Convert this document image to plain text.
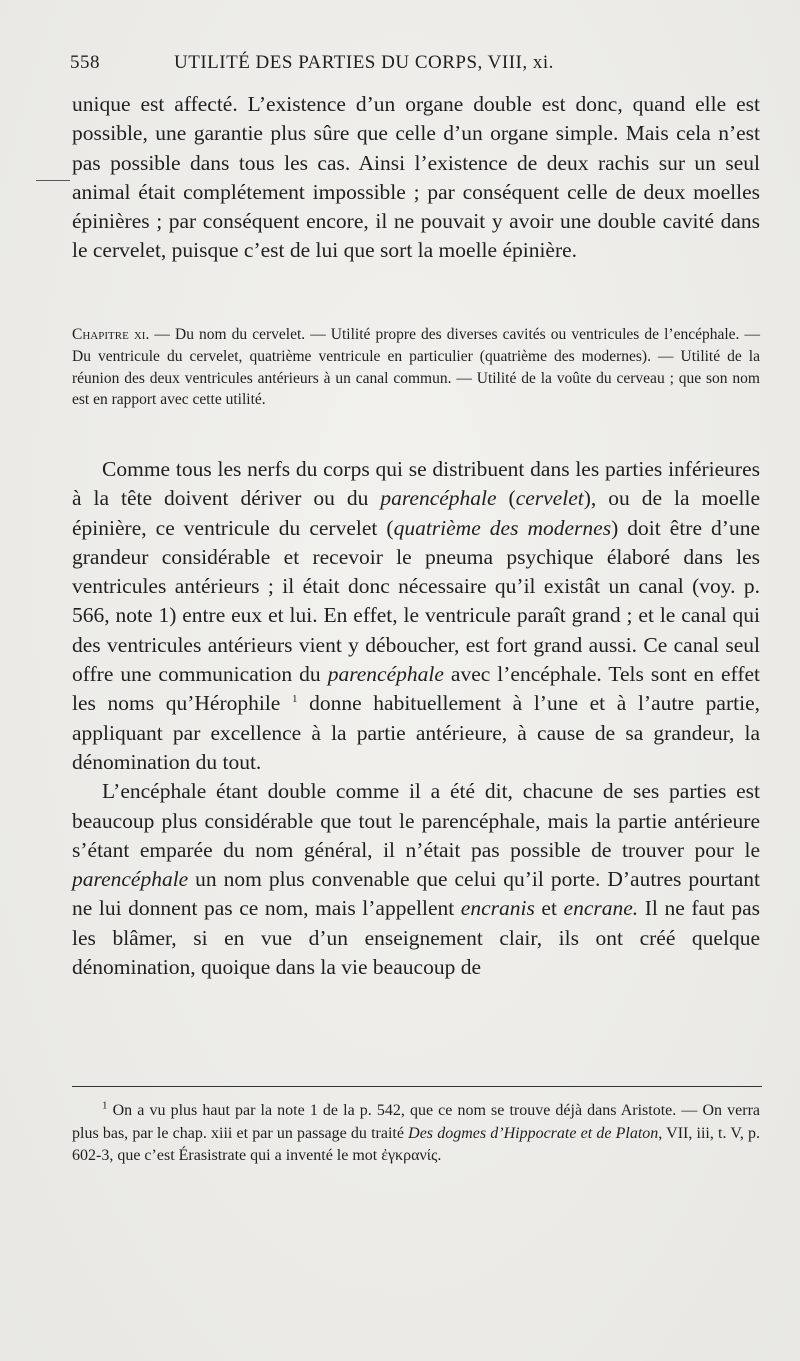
558	UTILITÉ DES PARTIES DU CORPS, VIII, xi.

unique est affecté. L’existence d’un organe double est donc, quand elle est possible, une garantie plus sûre que celle d’un organe simple. Mais cela n’est pas possible dans tous les cas. Ainsi l’existence de deux rachis sur un seul animal était complétement impossible ; par conséquent celle de deux moelles épinières ; par conséquent encore, il ne pouvait y avoir une double cavité dans le cervelet, puisque c’est de lui que sort la moelle épinière.

Chapitre xi. — Du nom du cervelet. — Utilité propre des diverses cavités ou ventricules de l’encéphale. — Du ventricule du cervelet, quatrième ventricule en particulier (quatrième des modernes). — Utilité de la réunion des deux ventricules antérieurs à un canal commun. — Utilité de la voûte du cerveau ; que son nom est en rapport avec cette utilité.

Comme tous les nerfs du corps qui se distribuent dans les parties inférieures à la tête doivent dériver ou du parencéphale (cervelet), ou de la moelle épinière, ce ventricule du cervelet (quatrième des modernes) doit être d’une grandeur considérable et recevoir le pneuma psychique élaboré dans les ventricules antérieurs ; il était donc nécessaire qu’il existât un canal (voy. p. 566, note 1) entre eux et lui. En effet, le ventricule paraît grand ; et le canal qui des ventricules antérieurs vient y déboucher, est fort grand aussi. Ce canal seul offre une communication du parencéphale avec l’encéphale. Tels sont en effet les noms qu’Hérophile $^1$ donne habituellement à l’une et à l’autre partie, appliquant par excellence à la partie antérieure, à cause de sa grandeur, la dénomination du tout.

L’encéphale étant double comme il a été dit, chacune de ses parties est beaucoup plus considérable que tout le parencéphale, mais la partie antérieure s’étant emparée du nom général, il n’était pas possible de trouver pour le parencéphale un nom plus convenable que celui qu’il porte. D’autres pourtant ne lui donnent pas ce nom, mais l’appellent encranis et encrane. Il ne faut pas les blâmer, si en vue d’un enseignement clair, ils ont créé quelque dénomination, quoique dans la vie beaucoup de

$^1$ On a vu plus haut par la note 1 de la p. 542, que ce nom se trouve déjà dans Aristote. — On verra plus bas, par le chap. xiii et par un passage du traité Des dogmes d’Hippocrate et de Platon, VII, iii, t. V, p. 602-3, que c’est Érasistrate qui a inventé le mot ἐγκρανίς.
